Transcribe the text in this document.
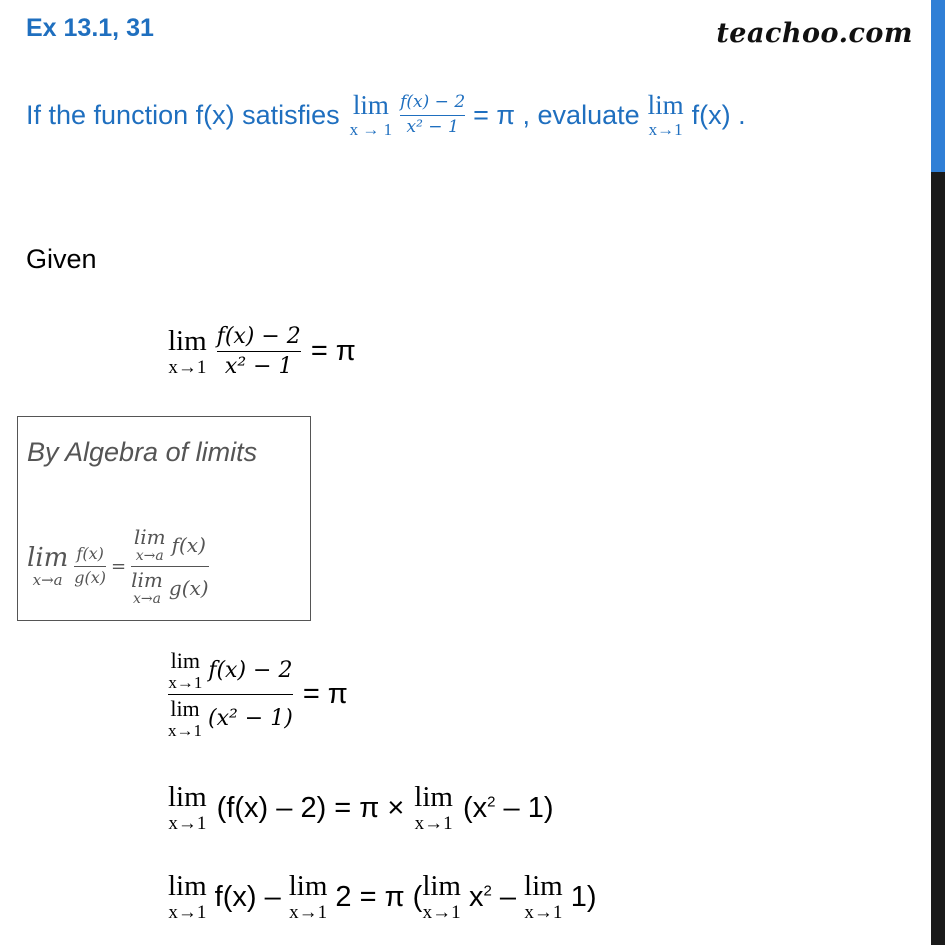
Ex 13.1, 31	teachoo.com
If the function f(x) satisfies lim
$x \to 1 \frac{f(x) - 2}{\text{x² − 1}} = \pi$ , evaluate lim
x→1 f(x) .
Given
lim
$x\to 1 \frac{f(x) - 2}{\text{x² − 1}} = \pi$
By Algebra of limits
lim
$x\to a \frac{f(x)}{g(x)} = \lim$
x→a f(x)
lim
x→a g(x)
lim
x→1 f(x) − 2
lim
x→1 (x² − 1) = π
lim
x→1 (f(x) – 2) = π × lim
x→1 $(x^2 - 1)$
lim
x→1 f(x) – lim
x→1 2 = π ( lim
x→1 $x^2$ – lim
x→1 1)
